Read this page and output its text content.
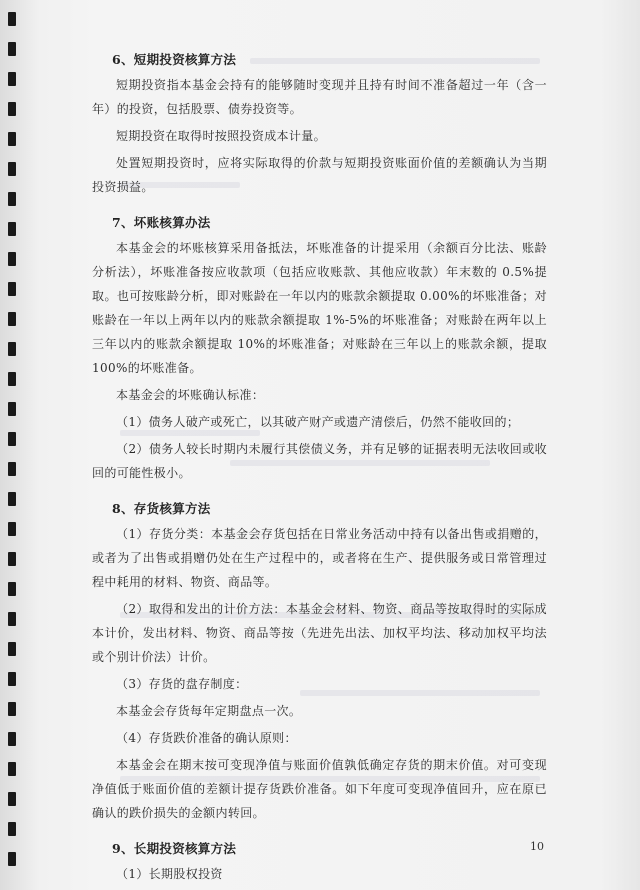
6、短期投资核算方法

短期投资指本基金会持有的能够随时变现并且持有时间不准备超过一年（含一年）的投资，包括股票、债券投资等。

短期投资在取得时按照投资成本计量。

处置短期投资时，应将实际取得的价款与短期投资账面价值的差额确认为当期投资损益。

7、坏账核算办法

本基金会的坏账核算采用备抵法，坏账准备的计提采用（余额百分比法、账龄分析法），坏账准备按应收款项（包括应收账款、其他应收款）年末数的 0.5%提取。也可按账龄分析，即对账龄在一年以内的账款余额提取 0.00%的坏账准备；对账龄在一年以上两年以内的账款余额提取 1%-5%的坏账准备；对账龄在两年以上三年以内的账款余额提取 10%的坏账准备；对账龄在三年以上的账款余额，提取 100%的坏账准备。

本基金会的坏账确认标准：

（1）债务人破产或死亡，以其破产财产或遗产清偿后，仍然不能收回的；

（2）债务人较长时期内未履行其偿债义务，并有足够的证据表明无法收回或收回的可能性极小。

8、存货核算方法

（1）存货分类：本基金会存货包括在日常业务活动中持有以备出售或捐赠的，或者为了出售或捐赠仍处在生产过程中的，或者将在生产、提供服务或日常管理过程中耗用的材料、物资、商品等。

（2）取得和发出的计价方法：本基金会材料、物资、商品等按取得时的实际成本计价，发出材料、物资、商品等按（先进先出法、加权平均法、移动加权平均法或个别计价法）计价。

（3）存货的盘存制度：

本基金会存货每年定期盘点一次。

（4）存货跌价准备的确认原则：

本基金会在期末按可变现净值与账面价值孰低确定存货的期末价值。对可变现净值低于账面价值的差额计提存货跌价准备。如下年度可变现净值回升，应在原已确认的跌价损失的金额内转回。

9、长期投资核算方法

（1）长期股权投资

10
